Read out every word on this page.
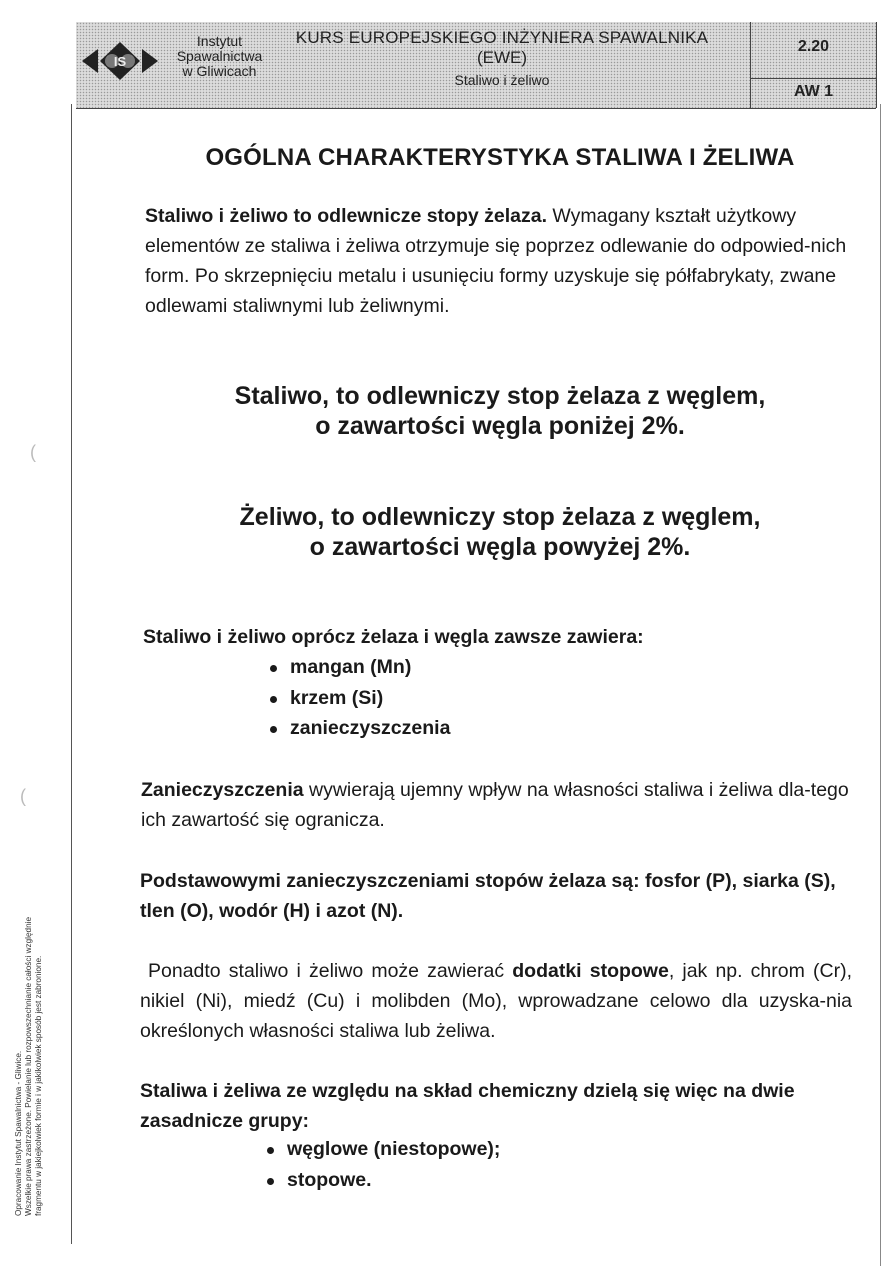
IS
Instytut
Spawalnictwa
w Gliwicach
KURS EUROPEJSKIEGO INŻYNIERA SPAWALNIKA
(EWE)
Staliwo i żeliwo
2.20
AW 1
(
(
Opracowanie Instytut Spawalnictwa - Gliwice. Wszelkie prawa zastrzeżone. Powielanie lub rozpowszechnianie całości względnie fragmentu w jakiejkolwiek formie i w jakikolwiek sposób jest zabronione.
OGÓLNA CHARAKTERYSTYKA STALIWA I ŻELIWA

Staliwo i żeliwo to odlewnicze stopy żelaza. Wymagany kształt użytkowy elementów ze staliwa i żeliwa otrzymuje się poprzez odlewanie do odpowied-nich form. Po skrzepnięciu metalu i usunięciu formy uzyskuje się półfabrykaty, zwane odlewami staliwnymi lub żeliwnymi.

Staliwo, to odlewniczy stop żelaza z węglem,
o zawartości węgla poniżej 2%.
Żeliwo, to odlewniczy stop żelaza z węglem,
o zawartości węgla powyżej 2%.

Staliwo i żeliwo oprócz żelaza i węgla zawsze zawiera:

mangan (Mn)
krzem (Si)
zanieczyszczenia

Zanieczyszczenia wywierają ujemny wpływ na własności staliwa i żeliwa dla-tego ich zawartość się ogranicza.

Podstawowymi zanieczyszczeniami stopów żelaza są: fosfor (P), siarka (S), tlen (O), wodór (H) i azot (N).

Ponadto staliwo i żeliwo może zawierać dodatki stopowe, jak np. chrom (Cr), nikiel (Ni), miedź (Cu) i molibden (Mo), wprowadzane celowo dla uzyska-nia określonych własności staliwa lub żeliwa.

Staliwa i żeliwa ze względu na skład chemiczny dzielą się więc na dwie zasadnicze grupy:

węglowe (niestopowe);
stopowe.
